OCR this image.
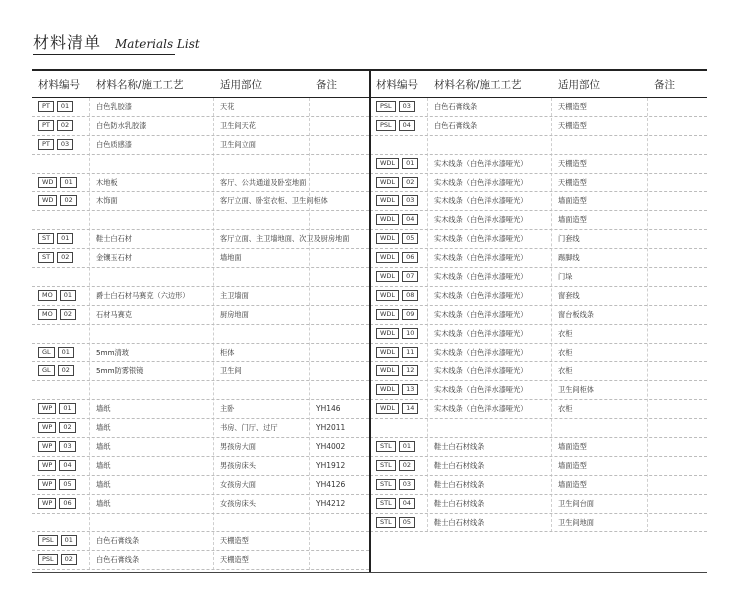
材料清单 Materials List
材料编号 材料名称/施工工艺	适用部位	备注
PT	01	白色乳胶漆	天花
PT	02	白色防水乳胶漆	卫生间天花
PT	03	白色质感漆	卫生间立面
WD	01	木地板	客厅、公共通道及卧室地面
WD	02	木饰面	客厅立面、卧室衣柜、卫生间柜体
ST	01	鞋士白石材	客厅立面、主卫墙地面、次卫及厨房地面
ST	02	金镶玉石材	墙地面
MO	01	爵士白石材马赛克（六边形）	主卫墙面
MO	02	石材马赛克	厨房地面
GL	01	5mm清玻	柜体
GL	02	5mm防雾银镜	卫生间
WP	01	墙纸	主卧	YH146
WP	02	墙纸	书房、门厅、过厅	YH2011
WP	03	墙纸	男孩房大面	YH4002
WP	04	墙纸	男孩房床头	YH1912
WP	05	墙纸	女孩房大面	YH4126
WP	06	墙纸	女孩房床头	YH4212
PSL	01	白色石膏线条	天棚造型
PSL	02	白色石膏线条	天棚造型
材料编号 材料名称/施工工艺	适用部位	备注
PSL	03	白色石膏线条	天棚造型
PSL	04	白色石膏线条	天棚造型
WDL	01	实木线条（白色洋水漆哑光）	天棚造型
WDL	02	实木线条（白色洋水漆哑光）	天棚造型
WDL	03	实木线条（白色洋水漆哑光）	墙面造型
WDL	04	实木线条（白色洋水漆哑光）	墙面造型
WDL	05	实木线条（白色洋水漆哑光）	门套线
WDL	06	实木线条（白色洋水漆哑光）	踢脚线
WDL	07	实木线条（白色洋水漆哑光）	门垛
WDL	08	实木线条（白色洋水漆哑光）	窗套线
WDL	09	实木线条（白色洋水漆哑光）	窗台板线条
WDL	10	实木线条（白色洋水漆哑光）	衣柜
WDL	11	实木线条（白色洋水漆哑光）	衣柜
WDL	12	实木线条（白色洋水漆哑光）	衣柜
WDL	13	实木线条（白色洋水漆哑光）	卫生间柜体
WDL	14	实木线条（白色洋水漆哑光）	衣柜
STL	01	鞋士白石材线条	墙面造型
STL	02	鞋士白石材线条	墙面造型
STL	03	鞋士白石材线条	墙面造型
STL	04	鞋士白石材线条	卫生间台面
STL	05	鞋士白石材线条	卫生间地面
